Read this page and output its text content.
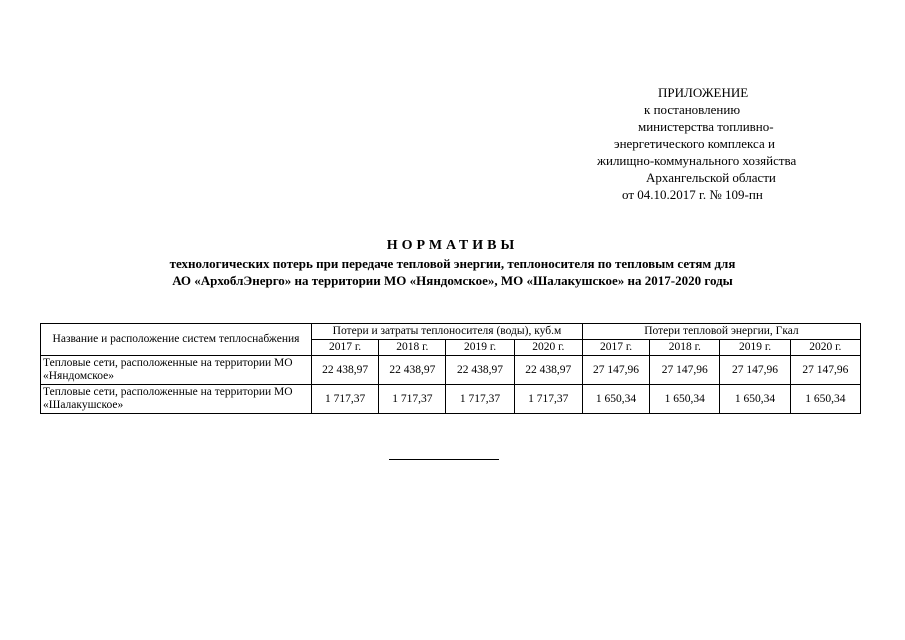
ПРИЛОЖЕНИЕ
к постановлению
министерства топливно-
энергетического комплекса и
жилищно-коммунального хозяйства
Архангельской области
от 04.10.2017 г. № 109-пн
НОРМАТИВЫ
технологических потерь при передаче тепловой энергии, теплоносителя по тепловым сетям для
АО «АрхоблЭнерго» на территории МО «Няндомское», МО «Шалакушское» на 2017-2020 годы
Название и расположение систем теплоснабжения	Потери и затраты теплоносителя (воды), куб.м				Потери тепловой энергии, Гкал			
	2017 г.	2018 г.	2019 г.	2020 г.	2017 г.	2018 г.	2019 г.	2020 г.
Тепловые сети, расположенные на территории МО «Няндомское»	22 438,97	22 438,97	22 438,97	22 438,97	27 147,96	27 147,96	27 147,96	27 147,96
Тепловые сети, расположенные на территории МО «Шалакушское»	1 717,37	1 717,37	1 717,37	1 717,37	1 650,34	1 650,34	1 650,34	1 650,34
